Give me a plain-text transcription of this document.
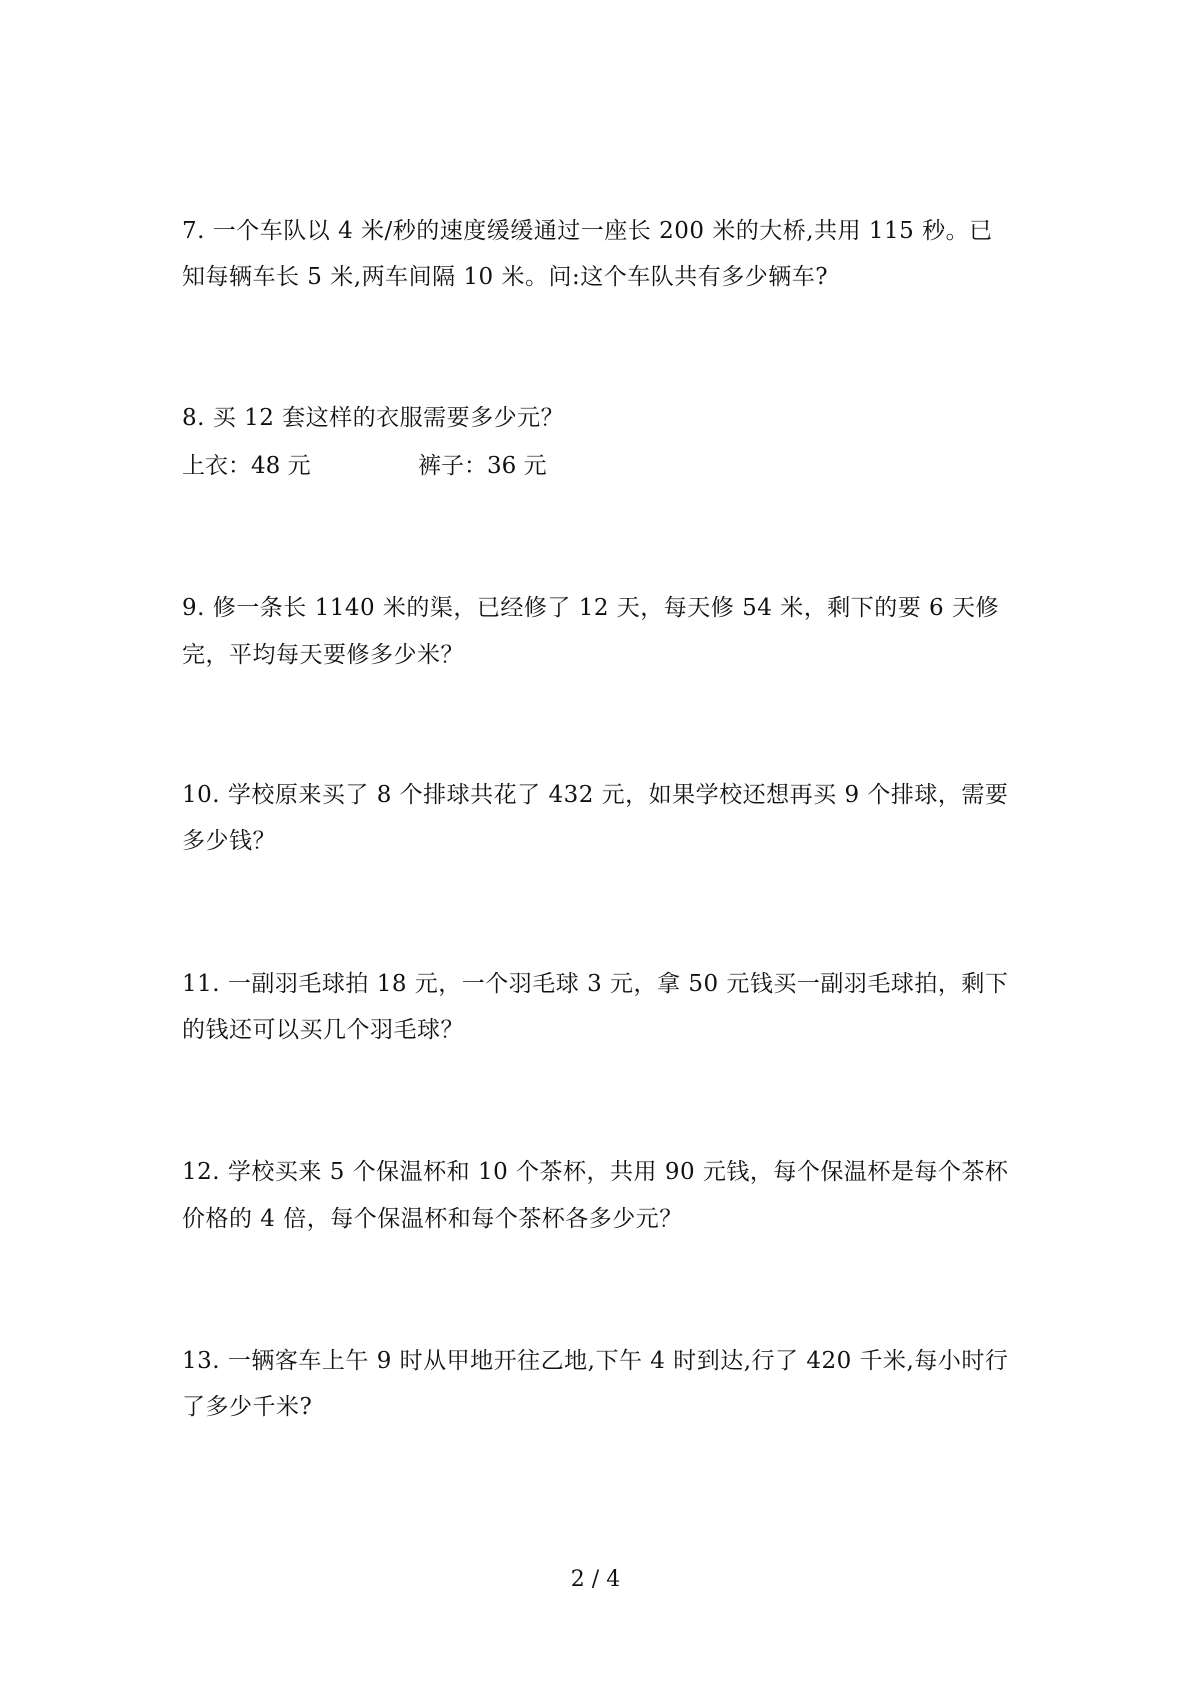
7. 一个车队以 4 米/秒的速度缓缓通过一座长 200 米的大桥,共用 115 秒。已
知每辆车长 5 米,两车间隔 10 米。问:这个车队共有多少辆车?
8. 买 12 套这样的衣服需要多少元？
上衣：48 元	裤子：36 元
9. 修一条长 1140 米的渠，已经修了 12 天，每天修 54 米，剩下的要 6 天修
完，平均每天要修多少米？
10. 学校原来买了 8 个排球共花了 432 元，如果学校还想再买 9 个排球，需要
多少钱？
11. 一副羽毛球拍 18 元，一个羽毛球 3 元，拿 50 元钱买一副羽毛球拍，剩下
的钱还可以买几个羽毛球？
12. 学校买来 5 个保温杯和 10 个茶杯，共用 90 元钱，每个保温杯是每个茶杯
价格的 4 倍，每个保温杯和每个茶杯各多少元？
13. 一辆客车上午 9 时从甲地开往乙地,下午 4 时到达,行了 420 千米,每小时行
了多少千米?
2 / 4
